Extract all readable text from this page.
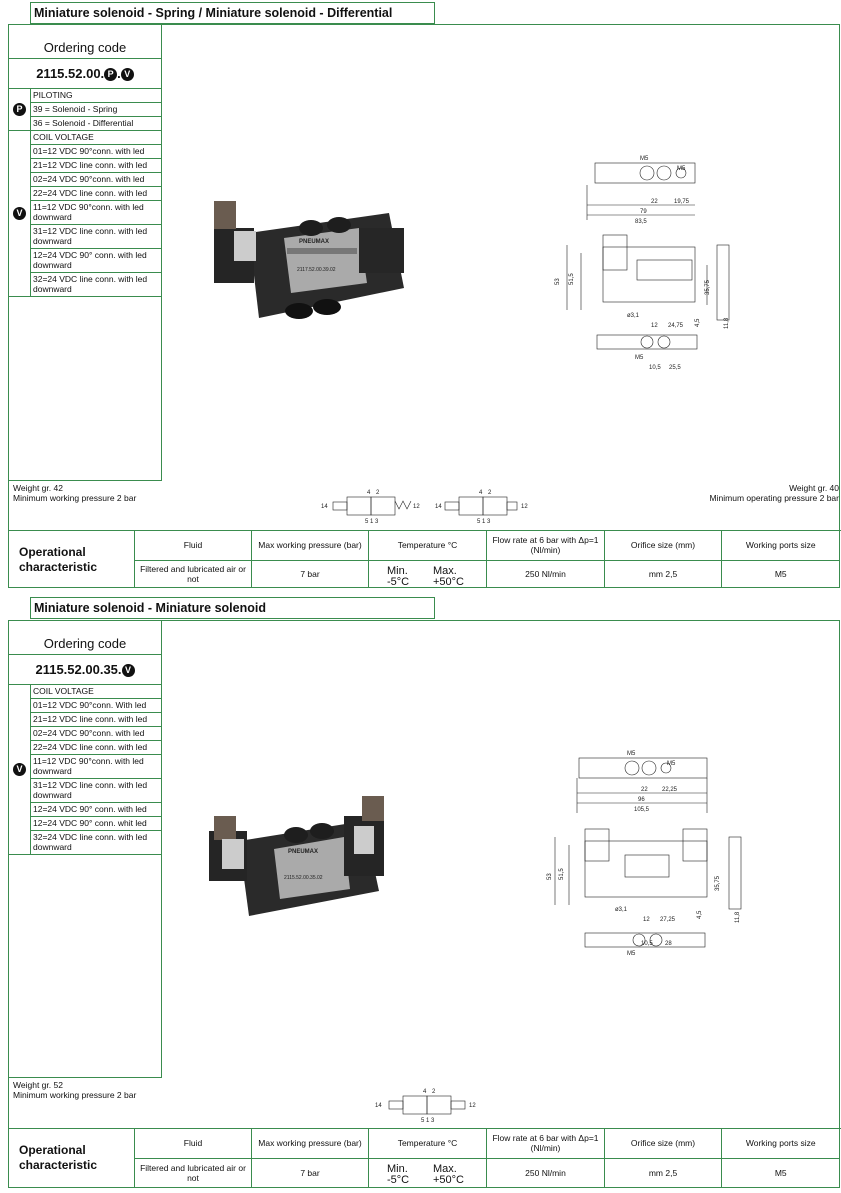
Miniature solenoid - Spring / Miniature solenoid - Differential
Ordering code
2115.52.00. P . V
P
PILOTING
39 = Solenoid - Spring
36 = Solenoid - Differential
V
COIL VOLTAGE
01=12 VDC 90°conn. with led
21=12 VDC line conn. with led
02=24 VDC 90°conn. with led
22=24 VDC line conn. with led
11=12 VDC 90°conn. with led downward
31=12 VDC line conn. with led downward
12=24 VDC 90° conn. with led downward
32=24 VDC line conn. with led downward
PNEUMAX
2117.52.00.39.02
M5
M5
22	19,75
79
83,5
53 51,5
35,75
ø3,1
12 24,75 4,5	11,8
M5
10,5 25,5
Weight gr. 42
Minimum working pressure 2 bar
Weight gr. 40
Minimum operating pressure 2 bar
14	12
4 2
5 1 3
14	12
4 2
5 1 3
Operational
characteristic
Fluid	Max working pressure (bar)	Temperature °C	Flow rate at 6 bar with Δp=1 (Nl/min)	Orifice size (mm)	Working ports size
Filtered and lubricated air or not	7 bar	Min.
-5°C
Max.
+50°C	250 Nl/min	mm 2,5	M5
Miniature solenoid - Miniature solenoid
Ordering code
2115.52.00.35. V
V
COIL VOLTAGE
01=12 VDC 90°conn. With led
21=12 VDC line conn. with led
02=24 VDC 90°conn. with led
22=24 VDC line conn. with led
11=12 VDC 90°conn. with led downward
31=12 VDC line conn. with led downward
12=24 VDC 90° conn. with led
12=24 VDC 90° conn. whit led
32=24 VDC line conn. with led downward	PNEUMAX
2115.52.00.35.02
M5
M5
22 22,25
96
105,5
53 51,5
35,75
ø3,1
12 27,25
4,5	11,8
M5
10,5 28
Weight gr. 52
Minimum working pressure 2 bar
14	12
4 2
5 1 3
Operational
characteristic
Fluid	Max working pressure (bar)	Temperature °C	Flow rate at 6 bar with Δp=1 (Nl/min)	Orifice size (mm)	Working ports size
Filtered and lubricated air or not	7 bar	Min.
-5°C
Max.
+50°C	250 Nl/min	mm 2,5	M5
